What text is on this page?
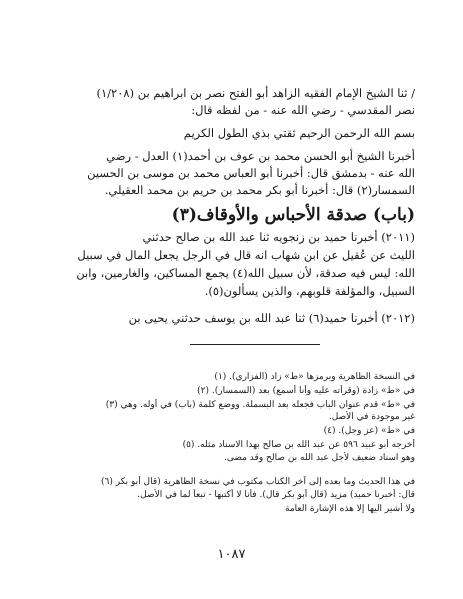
/ ثنا الشيخ الإمام الفقيه الزاهد أبو الفتح نصر بن ابراهيم بن (١/٢٠٨)
نصر المقدسي - رضي الله عنه - من لفظه قال:
بسم الله الرحمن الرحيم ثقتي بذي الطول الكريم
أخبرنا الشيخ أبو الحسن محمد بن عوف بن أحمد(١) العدل - رضي
الله عنه - بدمشق قال: أخبرنا أبو العباس محمد بن موسى بن الحسين
السمسار(٢) قال: أخبرنا أبو بكر محمد بن حريم بن محمد العقيلي.
(باب) صدقة الأحباس والأوقاف(٣)
(٢٠١١) أخبرنا حميد بن زنجويه ثنا عبد الله بن صالح حدثني
الليث عن عُقيل عن ابن شهاب انه قال في الرجل يجعل المال في سبيل
الله: ليس فيه صدقة، لأن سبيل الله(٤) يجمع المساكين، والغارمين، وابن
السبيل، والمؤلفة قلوبهم، والذين يسألون(٥).
(٢٠١٢) أخبرنا حميد(٦) ثنا عبد الله بن يوسف حدثني يحيى بن
في النسخة الظاهرية وبرمزها «ط» زاد (الفزاري). (١)
في «ط» زادة (وقرأته عليه وأنا أسمع) بعد (السمسار). (٢)
في «ط» قدم عنوان الباب فجعله بعد البسملة. ووضع كلمة (باب) في أوله. وهي (٣)
غير موجودة في الأصل.
في «ط» (عز وجل). (٤)
أخرجه أبو عبيد ٥٩٦ عن عبد الله بن صالح بهذا الاسناد مثله. (٥)
وهو اسناد ضعيف لأجل عبد الله بن صالح وقد مضى.
في هذا الحديث وما بعده إلى آخر الكتاب مكتوب في نسخة الظاهرية (قال أبو بكر (٦)
قال: أخبرنا حميد) مزيد (قال أبو بكر قال). فأنا لا أكتبها - تبعاً لما في الأصل.
ولا أشير اليها إلا هذه الإشارة العامة
١٠٨٧
